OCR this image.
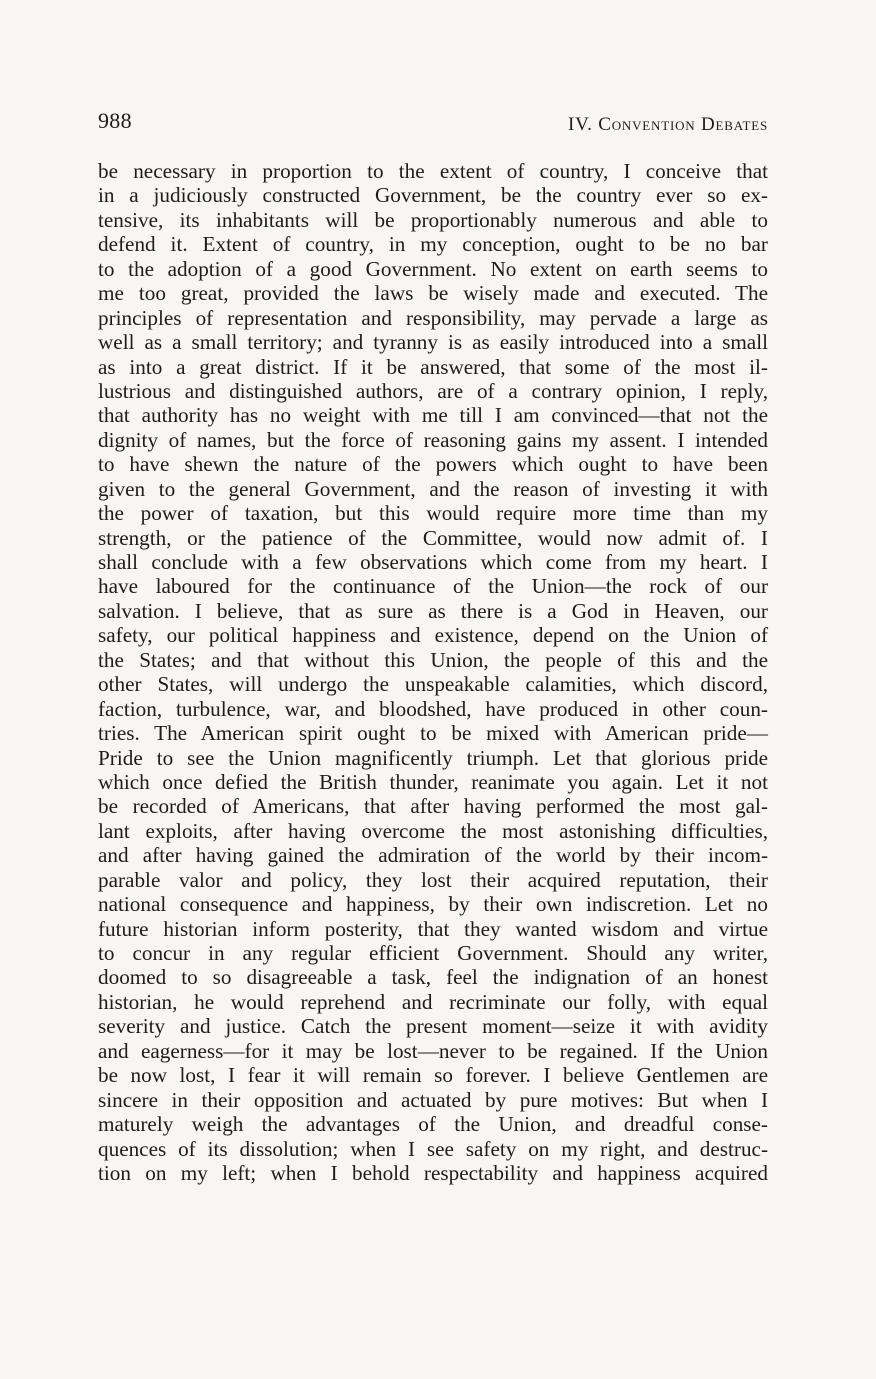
988	IV. Convention Debates
be necessary in proportion to the extent of country, I conceive that
in a judiciously constructed Government, be the country ever so ex-
tensive, its inhabitants will be proportionably numerous and able to
defend it. Extent of country, in my conception, ought to be no bar
to the adoption of a good Government. No extent on earth seems to
me too great, provided the laws be wisely made and executed. The
principles of representation and responsibility, may pervade a large as
well as a small territory; and tyranny is as easily introduced into a small
as into a great district. If it be answered, that some of the most il-
lustrious and distinguished authors, are of a contrary opinion, I reply,
that authority has no weight with me till I am convinced—that not the
dignity of names, but the force of reasoning gains my assent. I intended
to have shewn the nature of the powers which ought to have been
given to the general Government, and the reason of investing it with
the power of taxation, but this would require more time than my
strength, or the patience of the Committee, would now admit of. I
shall conclude with a few observations which come from my heart. I
have laboured for the continuance of the Union—the rock of our
salvation. I believe, that as sure as there is a God in Heaven, our
safety, our political happiness and existence, depend on the Union of
the States; and that without this Union, the people of this and the
other States, will undergo the unspeakable calamities, which discord,
faction, turbulence, war, and bloodshed, have produced in other coun-
tries. The American spirit ought to be mixed with American pride—
Pride to see the Union magnificently triumph. Let that glorious pride
which once defied the British thunder, reanimate you again. Let it not
be recorded of Americans, that after having performed the most gal-
lant exploits, after having overcome the most astonishing difficulties,
and after having gained the admiration of the world by their incom-
parable valor and policy, they lost their acquired reputation, their
national consequence and happiness, by their own indiscretion. Let no
future historian inform posterity, that they wanted wisdom and virtue
to concur in any regular efficient Government. Should any writer,
doomed to so disagreeable a task, feel the indignation of an honest
historian, he would reprehend and recriminate our folly, with equal
severity and justice. Catch the present moment—seize it with avidity
and eagerness—for it may be lost—never to be regained. If the Union
be now lost, I fear it will remain so forever. I believe Gentlemen are
sincere in their opposition and actuated by pure motives: But when I
maturely weigh the advantages of the Union, and dreadful conse-
quences of its dissolution; when I see safety on my right, and destruc-
tion on my left; when I behold respectability and happiness acquired
